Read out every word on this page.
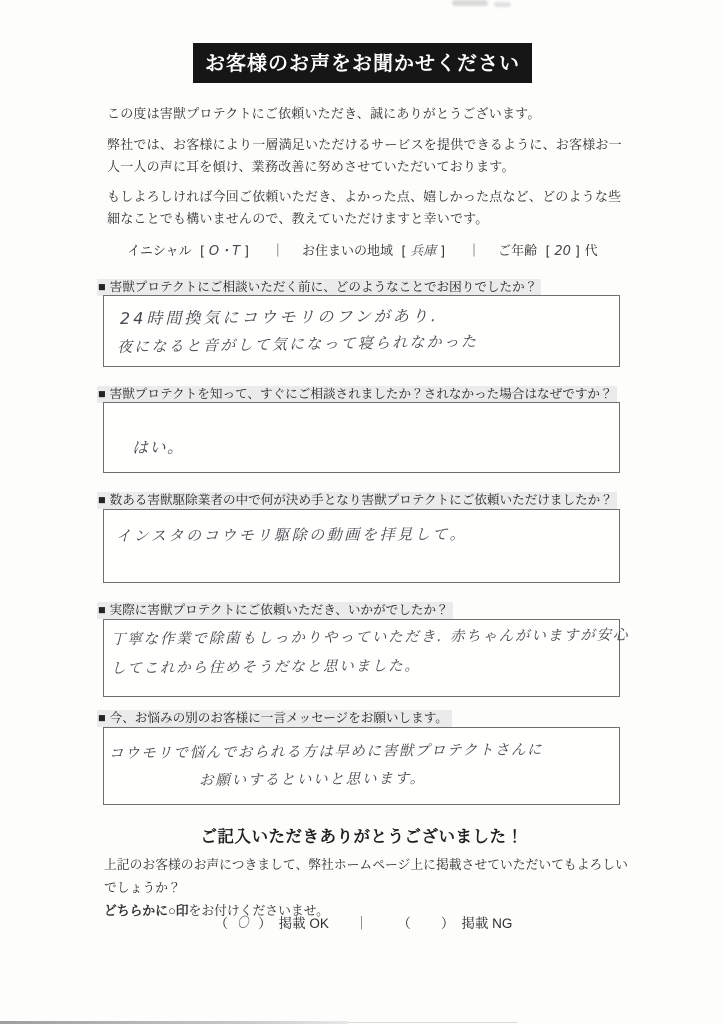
お客様のお声をお聞かせください

この度は害獣プロテクトにご依頼いただき、誠にありがとうございます。

弊社では、お客様により一層満足いただけるサービスを提供できるように、お客様お一人一人の声に耳を傾け、業務改善に努めさせていただいております。

もしよろしければ今回ご依頼いただき、よかった点、嬉しかった点など、どのような些細なことでも構いませんので、教えていただけますと幸いです。

イニシャル [ O・T ] ｜ お住まいの地域 [ 兵庫 ] ｜ ご年齢 [ 20 ] 代
■ 害獣プロテクトにご相談いただく前に、どのようなことでお困りでしたか？
24時間換気にコウモリのフンがあり.
夜になると音がして気になって寝られなかった
■ 害獣プロテクトを知って、すぐにご相談されましたか？されなかった場合はなぜですか？
はい。
■ 数ある害獣駆除業者の中で何が決め手となり害獣プロテクトにご依頼いただけましたか？
インスタのコウモリ駆除の動画を拝見して。
■ 実際に害獣プロテクトにご依頼いただき、いかがでしたか？
丁寧な作業で除菌もしっかりやっていただき. 赤ちゃんがいますが安心
してこれから住めそうだなと思いました。
■ 今、お悩みの別のお客様に一言メッセージをお願いします。
コウモリで悩んでおられる方は早めに害獣プロテクトさんに
お願いするといいと思います。
ご記入いただきありがとうございました！
上記のお客様のお声につきまして、弊社ホームページ上に掲載させていただいてもよろしいでしょうか？
どちらかに○印をお付けくださいませ。
（ 〇 ） 掲載 OK ｜	（	） 掲載 NG
